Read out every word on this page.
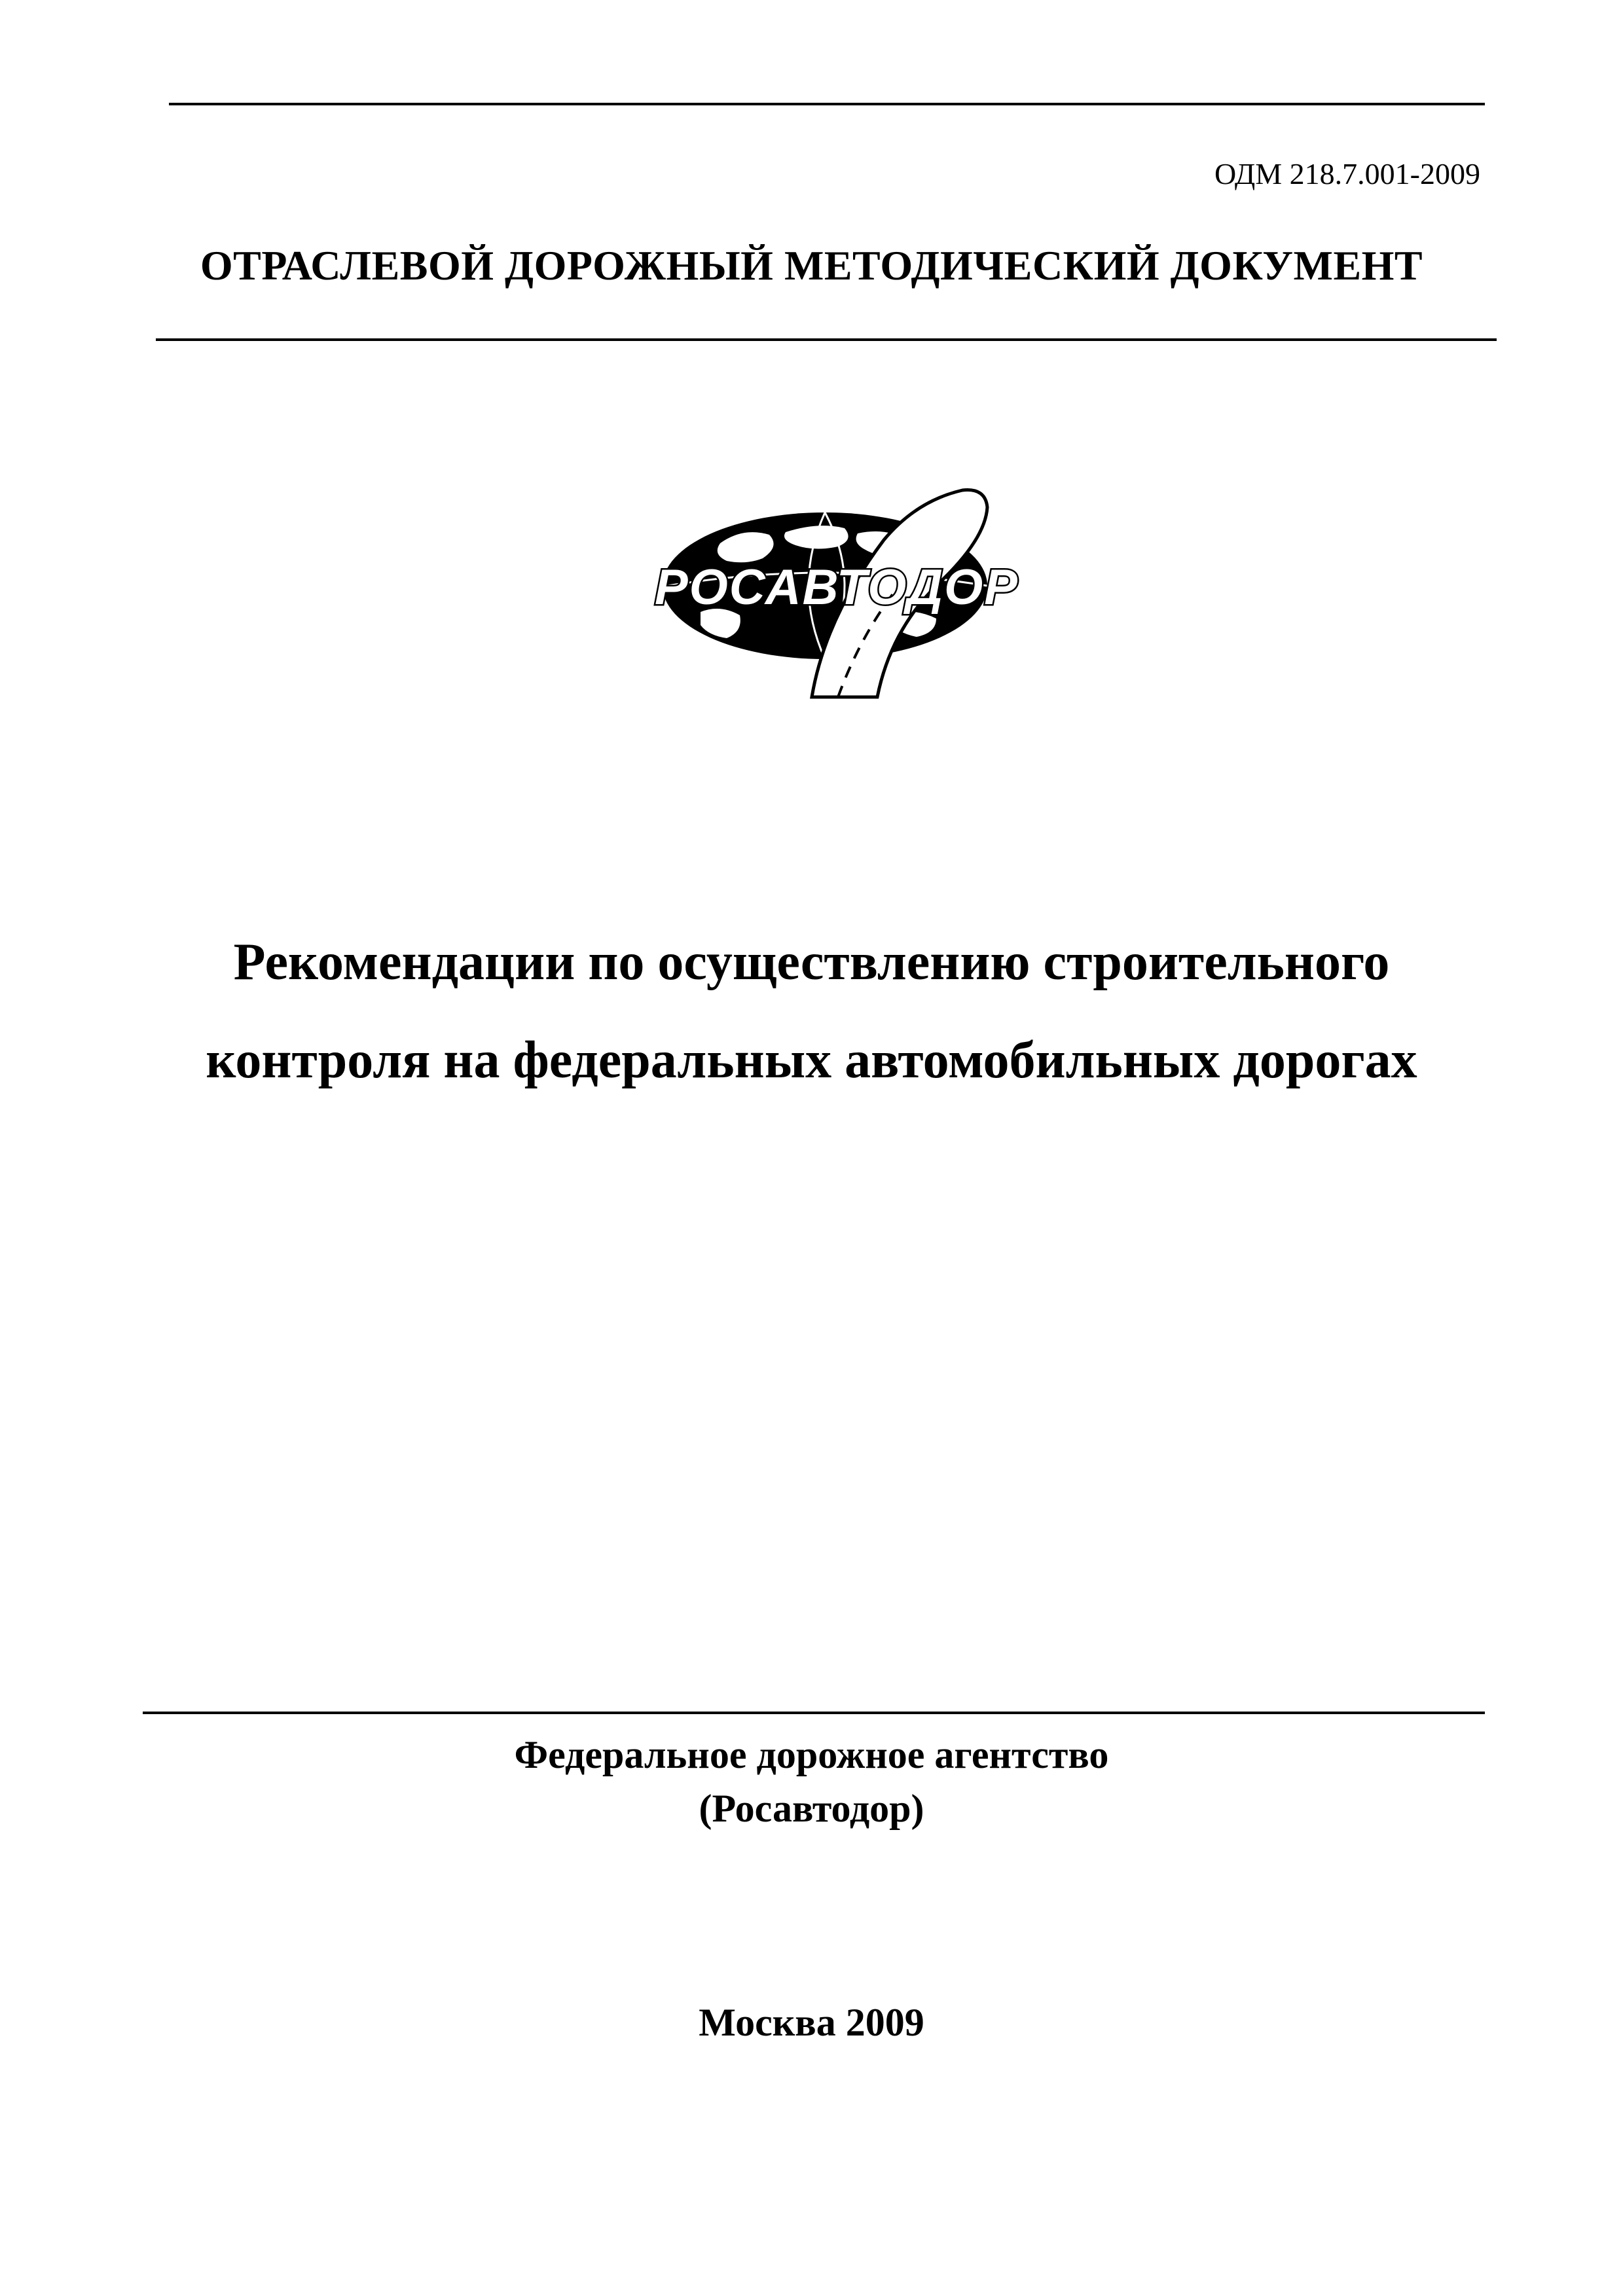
ОДМ 218.7.001-2009
ОТРАСЛЕВОЙ ДОРОЖНЫЙ МЕТОДИЧЕСКИЙ ДОКУМЕНТ
РОСАВТОДОР
Рекомендации по осуществлению строительного
контроля на федеральных автомобильных дорогах
Федеральное дорожное агентство
(Росавтодор)
Москва 2009
